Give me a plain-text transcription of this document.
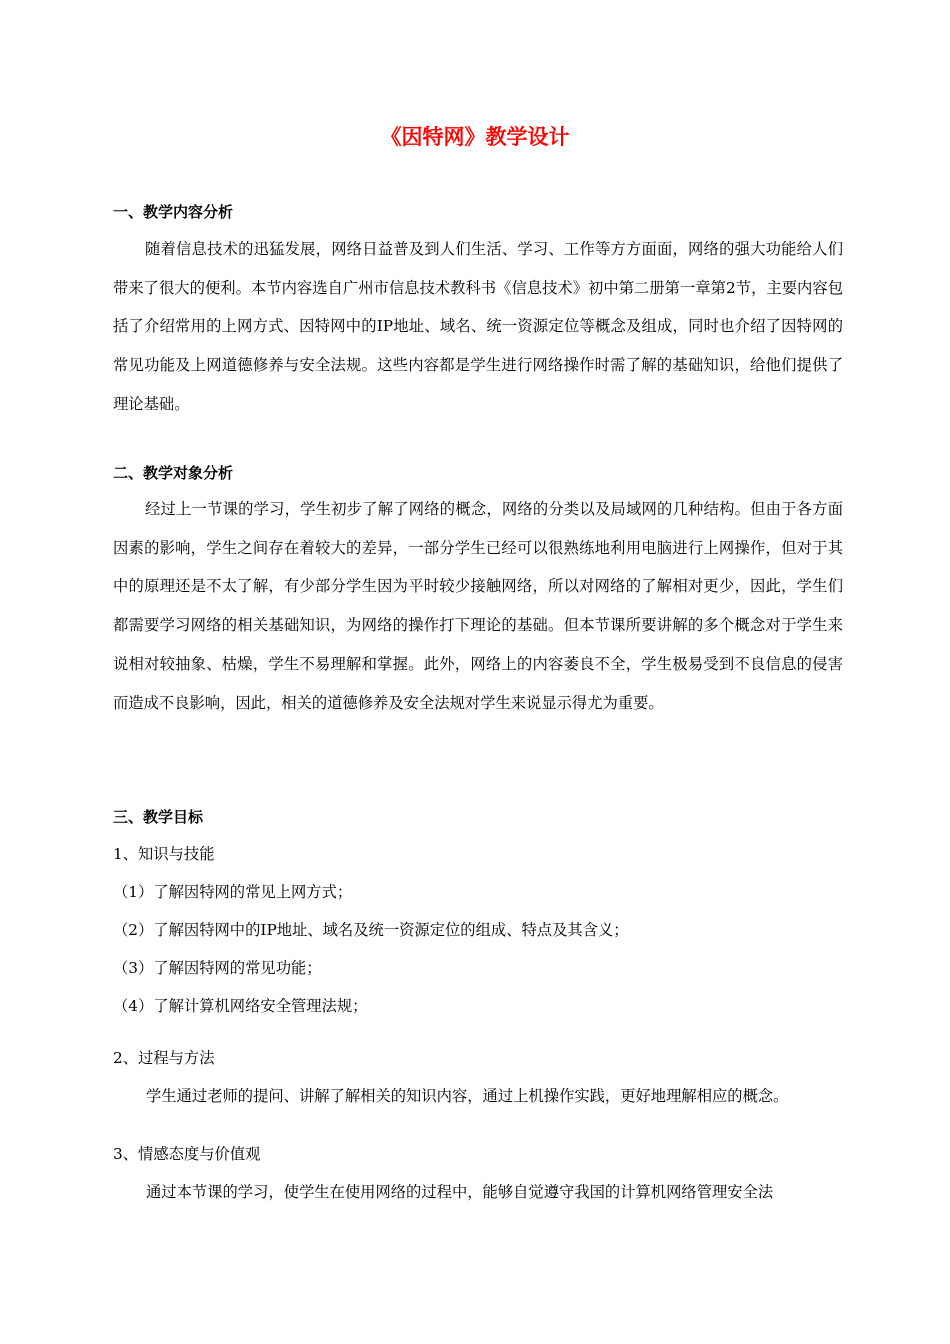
《因特网》教学设计
一、教学内容分析

随着信息技术的迅猛发展，网络日益普及到人们生活、学习、工作等方方面面，网络的强大功能给人们带来了很大的便利。本节内容选自广州市信息技术教科书《信息技术》初中第二册第一章第2节，主要内容包括了介绍常用的上网方式、因特网中的IP地址、域名、统一资源定位等概念及组成，同时也介绍了因特网的常见功能及上网道德修养与安全法规。这些内容都是学生进行网络操作时需了解的基础知识，给他们提供了理论基础。

二、教学对象分析

经过上一节课的学习，学生初步了解了网络的概念，网络的分类以及局域网的几种结构。但由于各方面因素的影响，学生之间存在着较大的差异，一部分学生已经可以很熟练地利用电脑进行上网操作，但对于其中的原理还是不太了解，有少部分学生因为平时较少接触网络，所以对网络的了解相对更少，因此，学生们都需要学习网络的相关基础知识，为网络的操作打下理论的基础。但本节课所要讲解的多个概念对于学生来说相对较抽象、枯燥，学生不易理解和掌握。此外，网络上的内容萎良不全，学生极易受到不良信息的侵害而造成不良影响，因此，相关的道德修养及安全法规对学生来说显示得尤为重要。

三、教学目标

1、知识与技能

（1）了解因特网的常见上网方式；

（2）了解因特网中的IP地址、域名及统一资源定位的组成、特点及其含义；

（3）了解因特网的常见功能；

（4）了解计算机网络安全管理法规；

2、过程与方法

学生通过老师的提问、讲解了解相关的知识内容，通过上机操作实践，更好地理解相应的概念。

3、情感态度与价值观

通过本节课的学习，使学生在使用网络的过程中，能够自觉遵守我国的计算机网络管理安全法
